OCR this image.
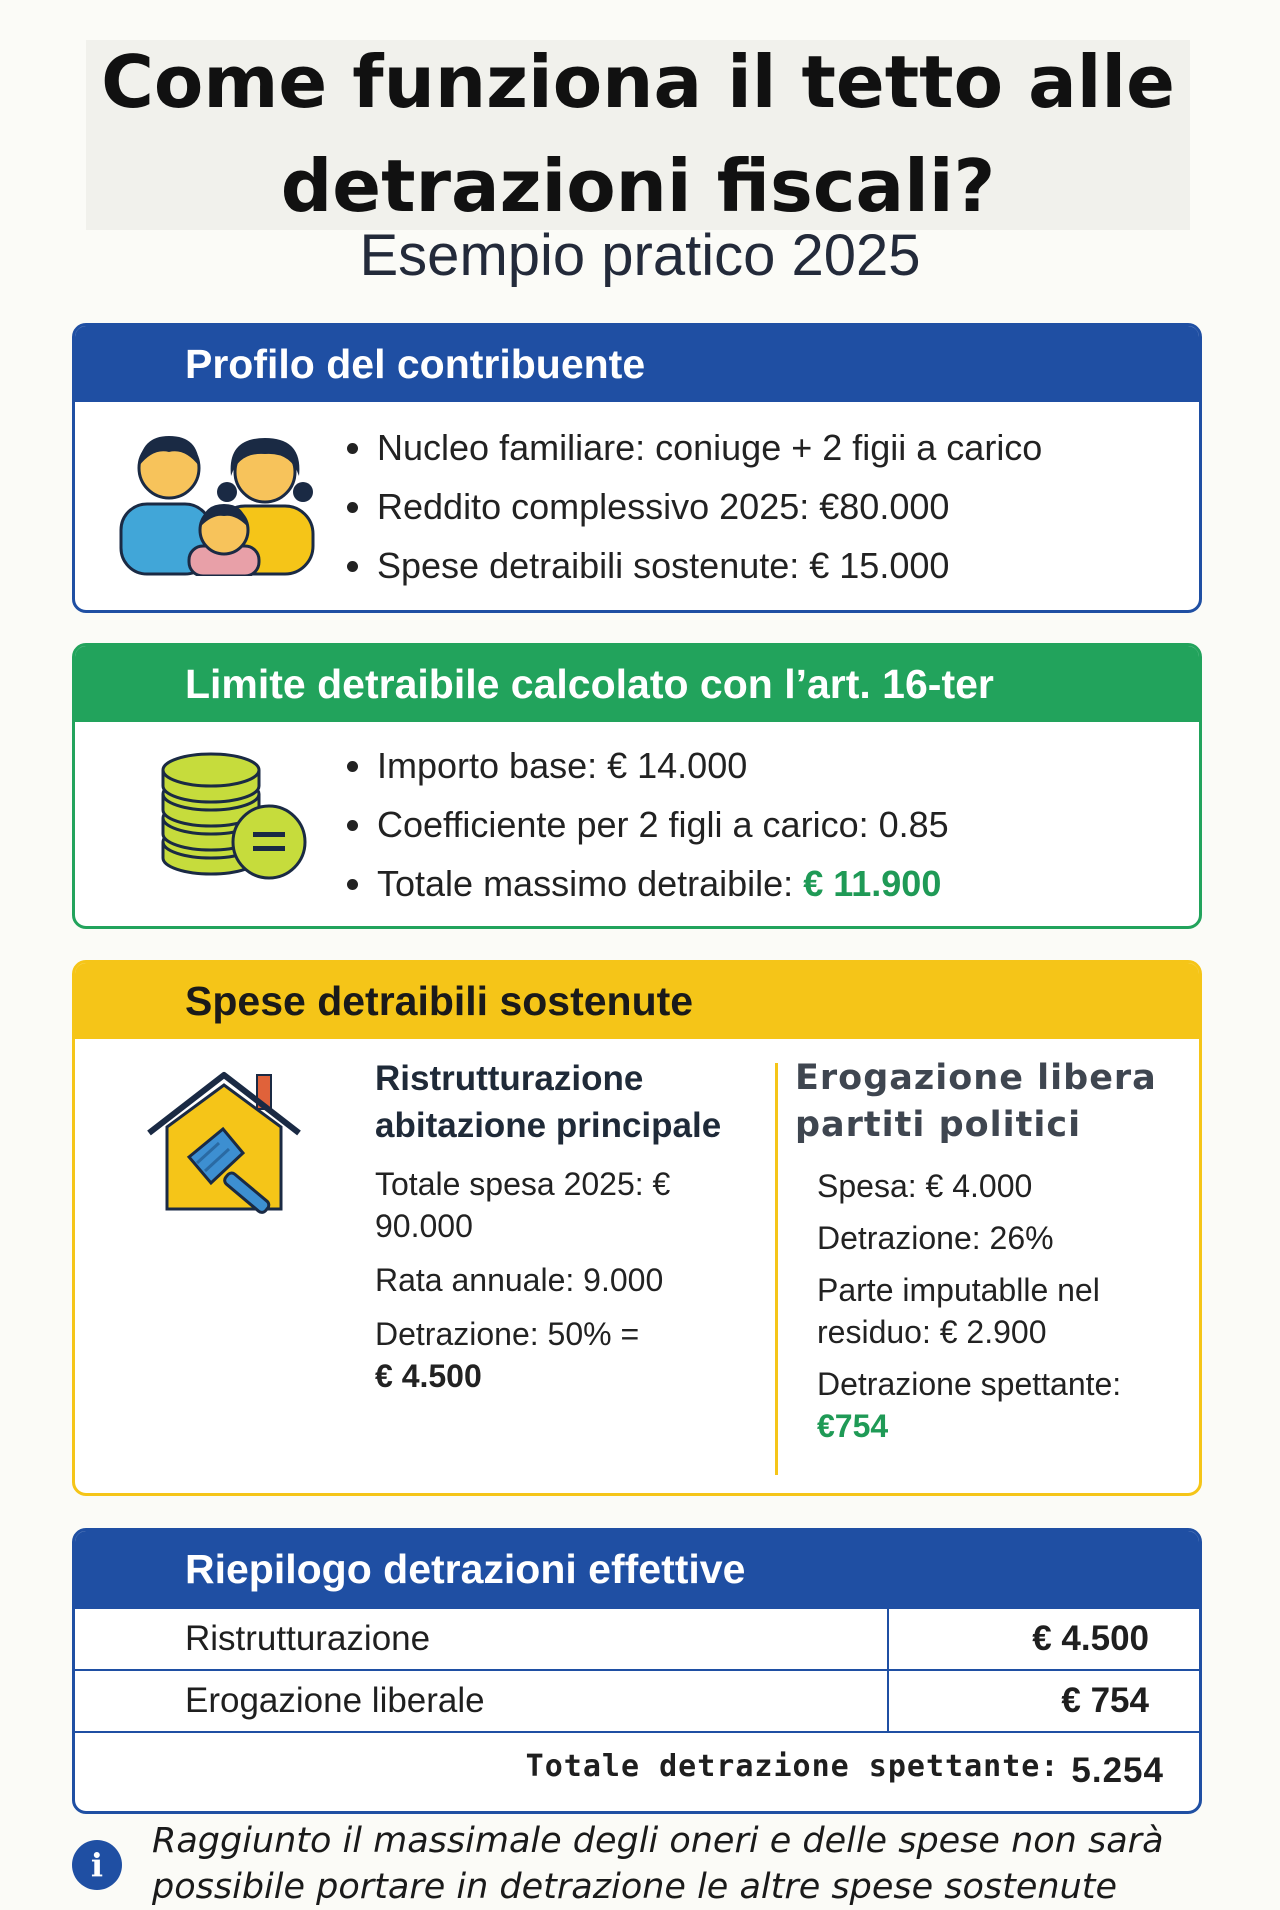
Come funziona il tetto alle detrazioni fiscali?
Esempio pratico 2025
Profilo del contribuente
Nucleo familiare: coniuge + 2 figii a carico
Reddito complessivo 2025: €80.000
Spese detraibili sostenute: € 15.000
Limite detraibile calcolato con l’art. 16-ter
Importo base: € 14.000
Coefficiente per 2 figli a carico: 0.85
Totale massimo detraibile: € 11.900
Spese detraibili sostenute
Ristrutturazione abitazione principale
Totale spesa 2025: € 90.000
Rata annuale: 9.000
Detrazione: 50% =
€ 4.500
Erogazione libera partiti politici
Spesa: € 4.000
Detrazione: 26%
Parte imputablle nel residuo: € 2.900
Detrazione spettante: €754
Riepilogo detrazioni effettive
Ristrutturazione	€ 4.500
Erogazione liberale	€ 754
Totale detrazione spettante: 5.254
i
Raggiunto il massimale degli oneri e delle spese non sarà possibile portare in detrazione le altre spese sostenute
